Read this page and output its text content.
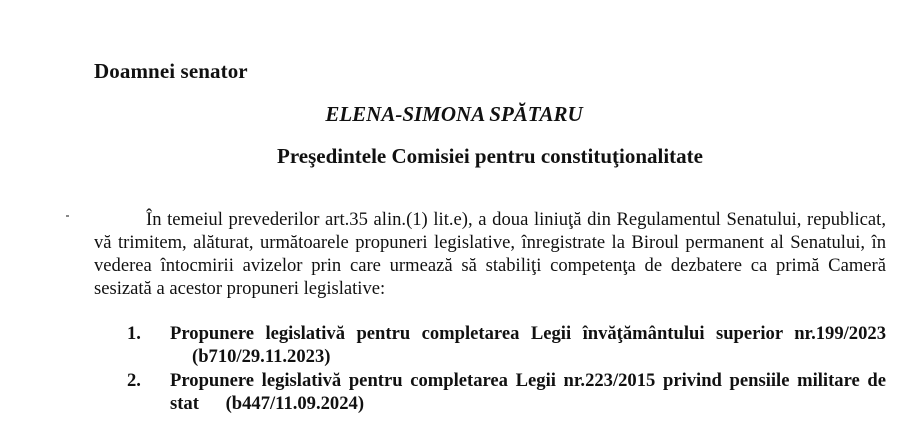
Doamnei senator
ELENA-SIMONA SPĂTARU
Preşedintele Comisiei pentru constituţionalitate
În temeiul prevederilor art.35 alin.(1) lit.e), a doua liniuţă din Regulamentul Senatului, republicat, vă trimitem, alăturat, următoarele propuneri legislative, înregistrate la Biroul permanent al Senatului, în vederea întocmirii avizelor prin care urmează să stabiliţi competenţa de dezbatere ca primă Cameră sesizată a acestor propuneri legislative:
1. Propunere legislativă pentru completarea Legii învăţământului superior nr.199/2023 (b710/29.11.2023)
2. Propunere legislativă pentru completarea Legii nr.223/2015 privind pensiile militare de stat (b447/11.09.2024)
